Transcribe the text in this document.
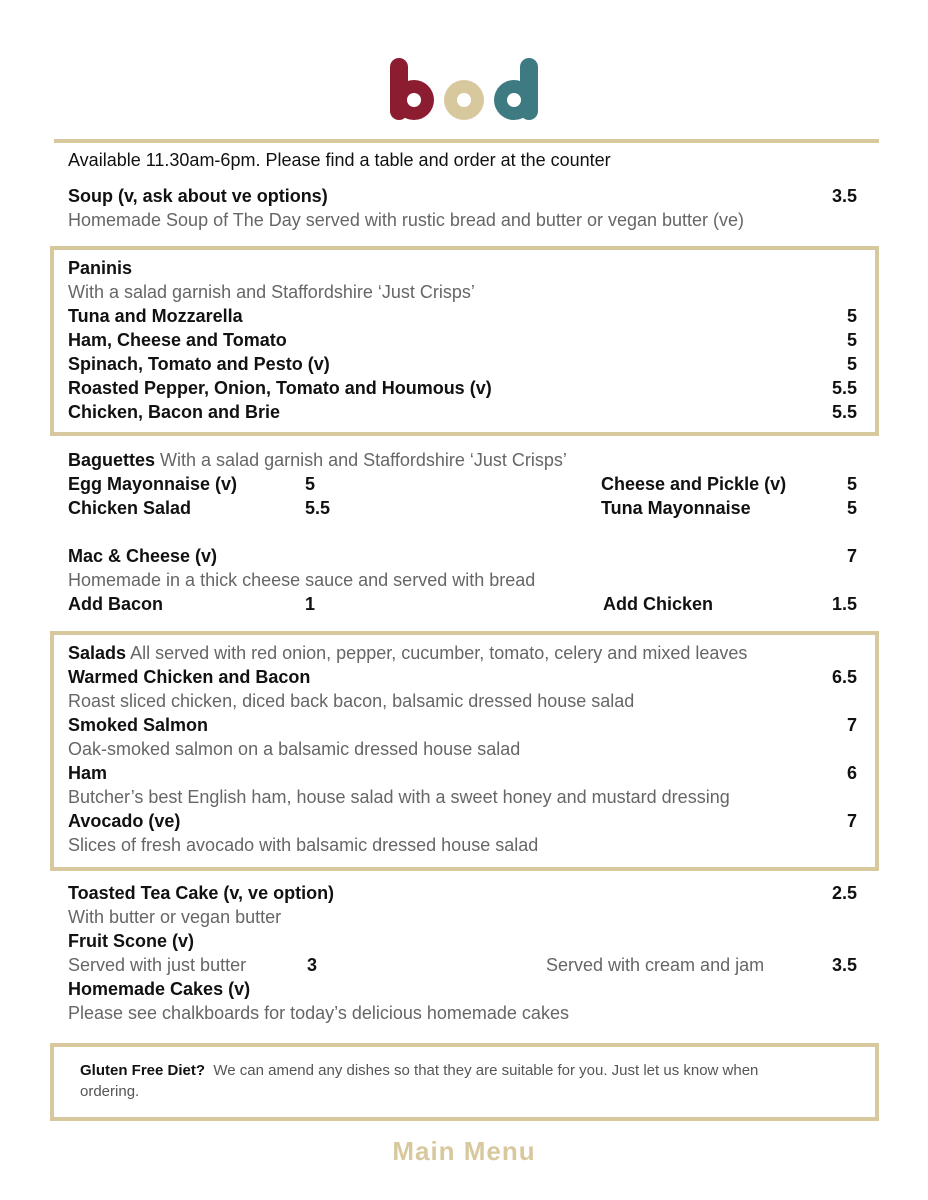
Available 11.30am-6pm. Please find a table and order at the counter
Soup (v, ask about ve options)	3.5
Homemade Soup of The Day served with rustic bread and butter or vegan butter (ve)
Paninis
With a salad garnish and Staffordshire ‘Just Crisps’
Tuna and Mozzarella	5
Ham, Cheese and Tomato	5
Spinach, Tomato and Pesto (v)	5
Roasted Pepper, Onion, Tomato and Houmous (v)	5.5
Chicken, Bacon and Brie	5.5
Baguettes With a salad garnish and Staffordshire ‘Just Crisps’
Egg Mayonnaise (v)	5	Cheese and Pickle (v)	5
Chicken Salad	5.5	Tuna Mayonnaise	5
Mac & Cheese (v)	7
Homemade in a thick cheese sauce and served with bread
Add Bacon	1	Add Chicken	1.5
Salads All served with red onion, pepper, cucumber, tomato, celery and mixed leaves
Warmed Chicken and Bacon	6.5
Roast sliced chicken, diced back bacon, balsamic dressed house salad
Smoked Salmon	7
Oak-smoked salmon on a balsamic dressed house salad
Ham	6
Butcher’s best English ham, house salad with a sweet honey and mustard dressing
Avocado (ve)	7
Slices of fresh avocado with balsamic dressed house salad
Toasted Tea Cake (v, ve option)	2.5
With butter or vegan butter
Fruit Scone (v)
Served with just butter	3	Served with cream and jam	3.5
Homemade Cakes (v)
Please see chalkboards for today’s delicious homemade cakes
Gluten Free Diet? We can amend any dishes so that they are suitable for you. Just let us know when ordering.
Main Menu
